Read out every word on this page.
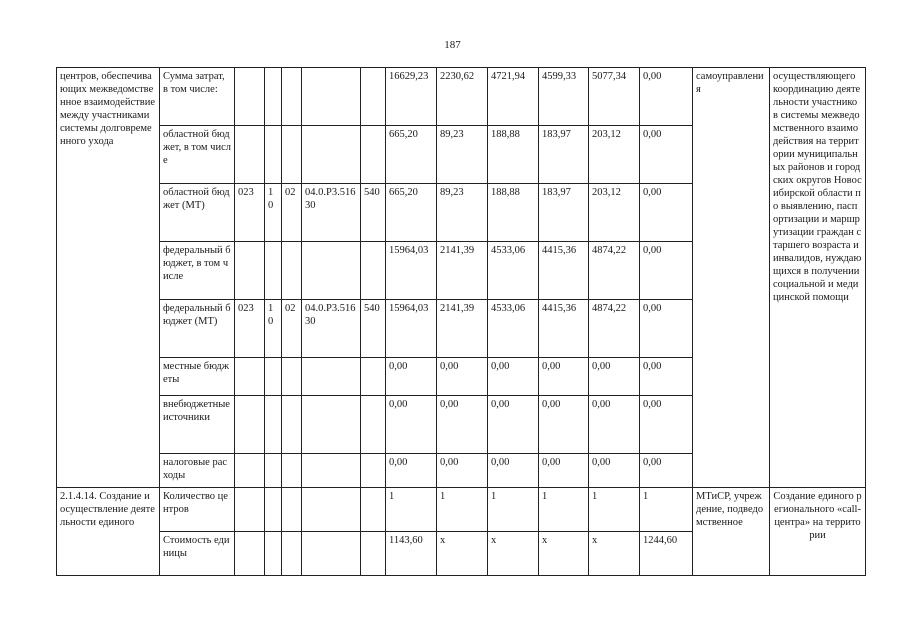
187
центров, обеспечивающих межведомственное взаимодействие между участниками системы долговременного ухода	Сумма затрат, в том числе:						16629,23	2230,62	4721,94	4599,33	5077,34	0,00	самоуправления	осуществляющего координацию деятельности участников системы межведомственного взаимодействия на территории муниципальных районов и городских округов Новосибирской области по выявлению, паспортизации и маршрутизации граждан старшего возраста и инвалидов, нуждающихся в получении социальной и медицинской помощи
	областной бюджет, в том числе						665,20	89,23	188,88	183,97	203,12	0,00		
	областной бюджет (МТ)	023	10	02	04.0.Р3.51630	540	665,20	89,23	188,88	183,97	203,12	0,00		
	федеральный бюджет, в том числе						15964,03	2141,39	4533,06	4415,36	4874,22	0,00		
	федеральный бюджет (МТ)	023	10	02	04.0.Р3.51630	540	15964,03	2141,39	4533,06	4415,36	4874,22	0,00		
	местные бюджеты						0,00	0,00	0,00	0,00	0,00	0,00		
	внебюджетные источники						0,00	0,00	0,00	0,00	0,00	0,00		
	налоговые расходы						0,00	0,00	0,00	0,00	0,00	0,00		
2.1.4.14. Создание и осуществление деятельности единого	Количество центров						1	1	1	1	1	1	МТиСР, учреждение, подведомственное	Создание единого регионального «call-центра» на территории
	Стоимость единицы						1143,60	х	х	х	х	1244,60		
